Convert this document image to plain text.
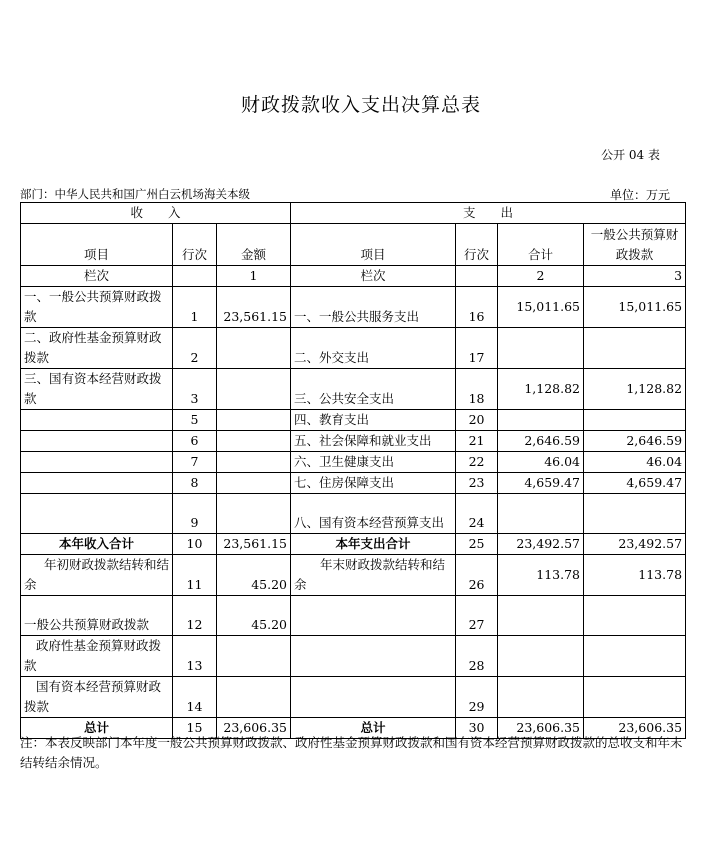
财政拨款收入支出决算总表
公开 04 表
部门：中华人民共和国广州白云机场海关本级	单位：万元
收　　入			支　　出			
项目	行次	金额	项目	行次	合计	一般公共预算财政拨款
栏次		1	栏次		2	3
一、一般公共预算财政拨款	1	23,561.15	一、一般公共服务支出	16	15,011.65	15,011.65
二、政府性基金预算财政拨款	2		二、外交支出	17		
三、国有资本经营财政拨款	3		三、公共安全支出	18	1,128.82	1,128.82
	5		四、教育支出	20		
	6		五、社会保障和就业支出	21	2,646.59	2,646.59
	7		六、卫生健康支出	22	46.04	46.04
	8		七、住房保障支出	23	4,659.47	4,659.47
	9		八、国有资本经营预算支出	24		
本年收入合计	10	23,561.15	本年支出合计	25	23,492.57	23,492.57
年初财政拨款结转和结余	11	45.20	年末财政拨款结转和结余	26	113.78	113.78
一般公共预算财政拨款	12	45.20		27		
政府性基金预算财政拨款	13			28		
国有资本经营预算财政拨款	14			29		
总计	15	23,606.35	总计	30	23,606.35	23,606.35
注：本表反映部门本年度一般公共预算财政拨款、政府性基金预算财政拨款和国有资本经营预算财政拨款的总收支和年末结转结余情况。
